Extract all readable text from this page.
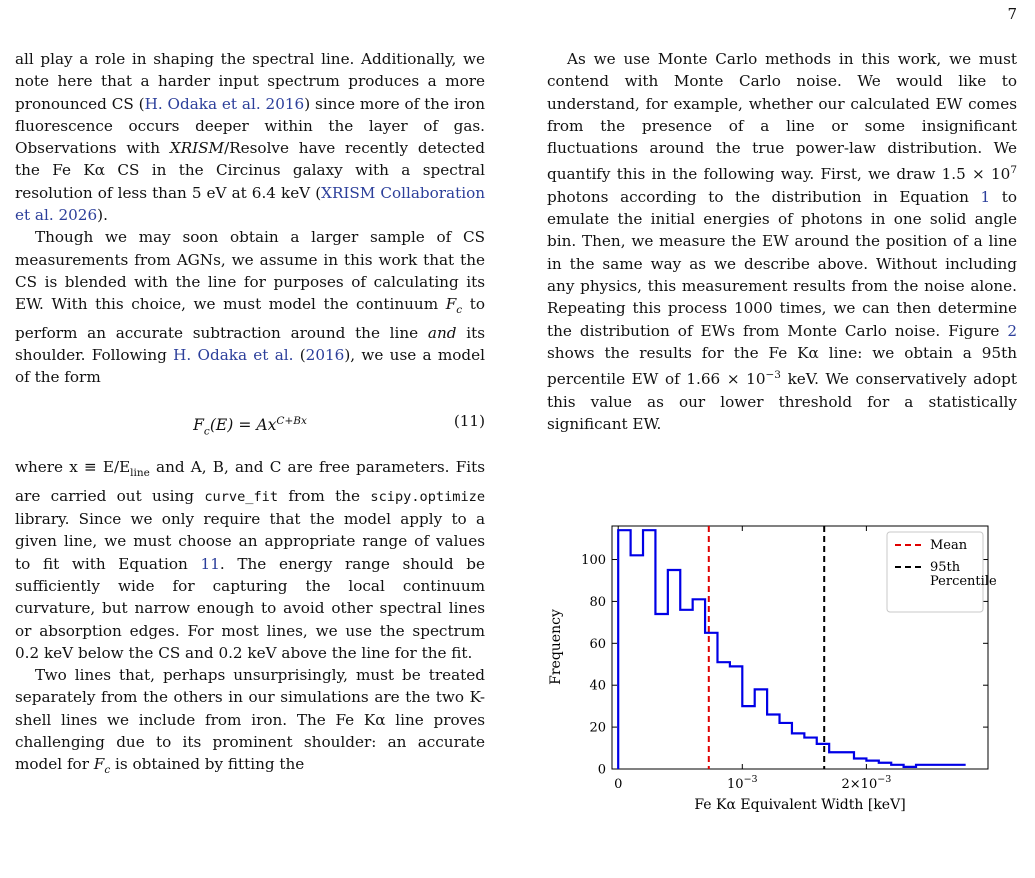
7

all play a role in shaping the spectral line. Additionally, we note here that a harder input spectrum produces a more pronounced CS (H. Odaka et al. 2016) since more of the iron fluorescence occurs deeper within the layer of gas. Observations with XRISM/Resolve have recently detected the Fe Kα CS in the Circinus galaxy with a spectral resolution of less than 5 eV at 6.4 keV (XRISM Collaboration et al. 2026).

Though we may soon obtain a larger sample of CS measurements from AGNs, we assume in this work that the CS is blended with the line for purposes of calculating its EW. With this choice, we must model the continuum $F_c$ to perform an accurate subtraction around the line and its shoulder. Following H. Odaka et al. (2016), we use a model of the form

$F_c(E) = Ax^{C+Bx}$	(11)

where $x \equiv E/E_{line}$ and A, B, and C are free parameters. Fits are carried out using curve_fit from the scipy.optimize library. Since we only require that the model apply to a given line, we must choose an appropriate range of values to fit with Equation 11. The energy range should be sufficiently wide for capturing the local continuum curvature, but narrow enough to avoid other spectral lines or absorption edges. For most lines, we use the spectrum 0.2 keV below the CS and 0.2 keV above the line for the fit.

Two lines that, perhaps unsurprisingly, must be treated separately from the others in our simulations are the two K-shell lines we include from iron. The Fe Kα line proves challenging due to its prominent shoulder: an accurate model for $F_c$ is obtained by fitting the

As we use Monte Carlo methods in this work, we must contend with Monte Carlo noise. We would like to understand, for example, whether our calculated EW comes from the presence of a line or some insignificant fluctuations around the true power-law distribution. We quantify this in the following way. First, we draw $1.5 \times 10^7$ photons according to the distribution in Equation 1 to emulate the initial energies of photons in one solid angle bin. Then, we measure the EW around the position of a line in the same way as we describe above. Without including any physics, this measurement results from the noise alone. Repeating this process 1000 times, we can then determine the distribution of EWs from Monte Carlo noise. Figure 2 shows the results for the Fe Kα line: we obtain a 95th percentile EW of $1.66 \times 10^{-3}$ keV. We conservatively adopt this value as our lower threshold for a statistically significant EW.

0
20
40
60
80
100
0	$10^{-3}$	$2\times 10^{-3}$
Mean
95th
Percentile
Fe Kα Equivalent Width [keV]
Frequency
